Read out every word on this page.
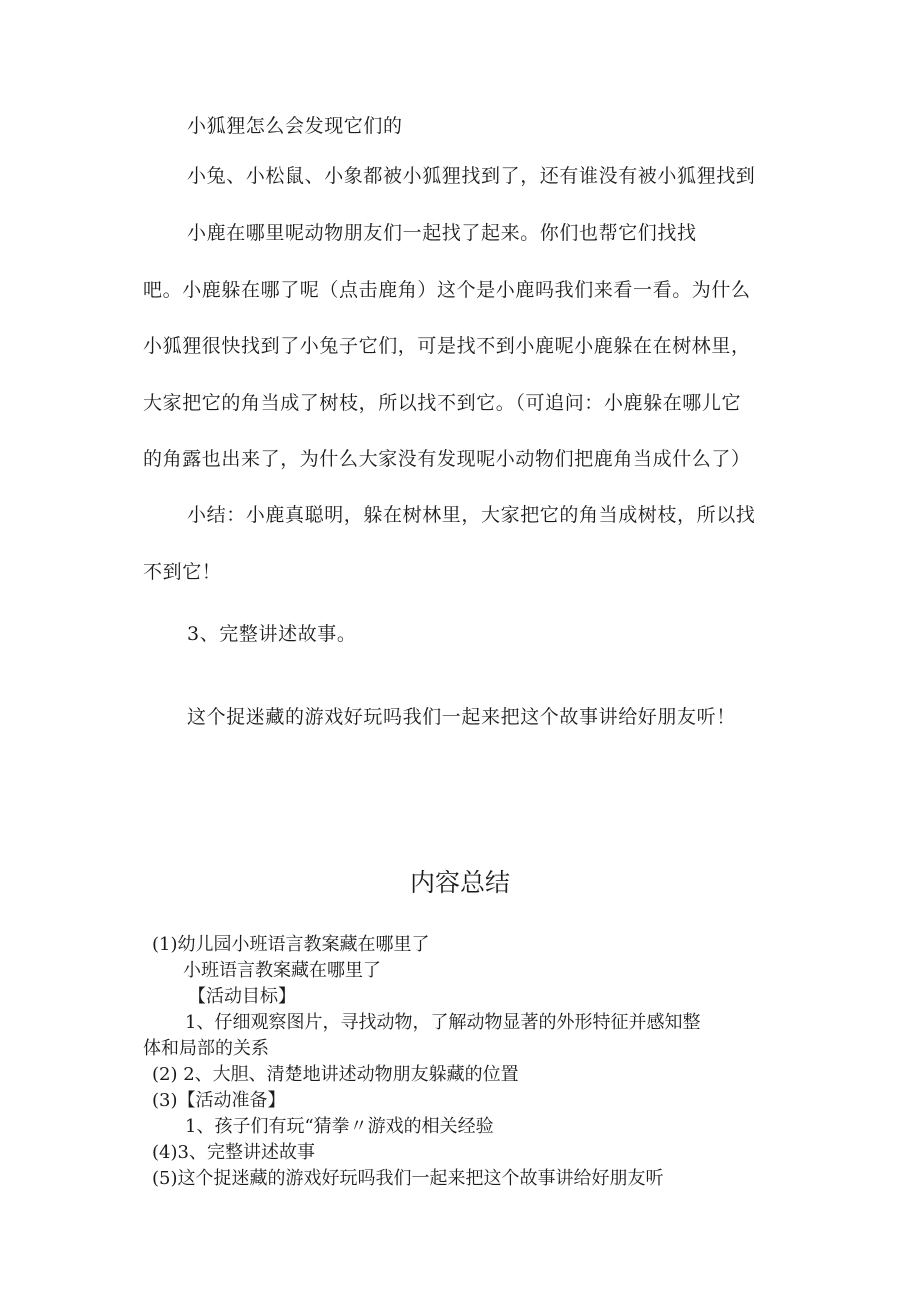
小狐狸怎么会发现它们的
小兔、小松鼠、小象都被小狐狸找到了，还有谁没有被小狐狸找到
小鹿在哪里呢动物朋友们一起找了起来。你们也帮它们找找
吧。小鹿躲在哪了呢（点击鹿角）这个是小鹿吗我们来看一看。为什么
小狐狸很快找到了小兔子它们，可是找不到小鹿呢小鹿躲在在树林里，
大家把它的角当成了树枝，所以找不到它。（可追问：小鹿躲在哪儿它
的角露也出来了，为什么大家没有发现呢小动物们把鹿角当成什么了）
小结：小鹿真聪明，躲在树林里，大家把它的角当成树枝，所以找
不到它！
3、完整讲述故事。
这个捉迷藏的游戏好玩吗我们一起来把这个故事讲给好朋友听！
内容总结
(1)幼儿园小班语言教案藏在哪里了
小班语言教案藏在哪里了
【活动目标】
1、仔细观察图片，寻找动物，了解动物显著的外形特征并感知整
体和局部的关系
(2) 2、大胆、清楚地讲述动物朋友躲藏的位置
(3)【活动准备】
1、孩子们有玩“猜拳〃游戏的相关经验
(4)3、完整讲述故事
(5)这个捉迷藏的游戏好玩吗我们一起来把这个故事讲给好朋友听
